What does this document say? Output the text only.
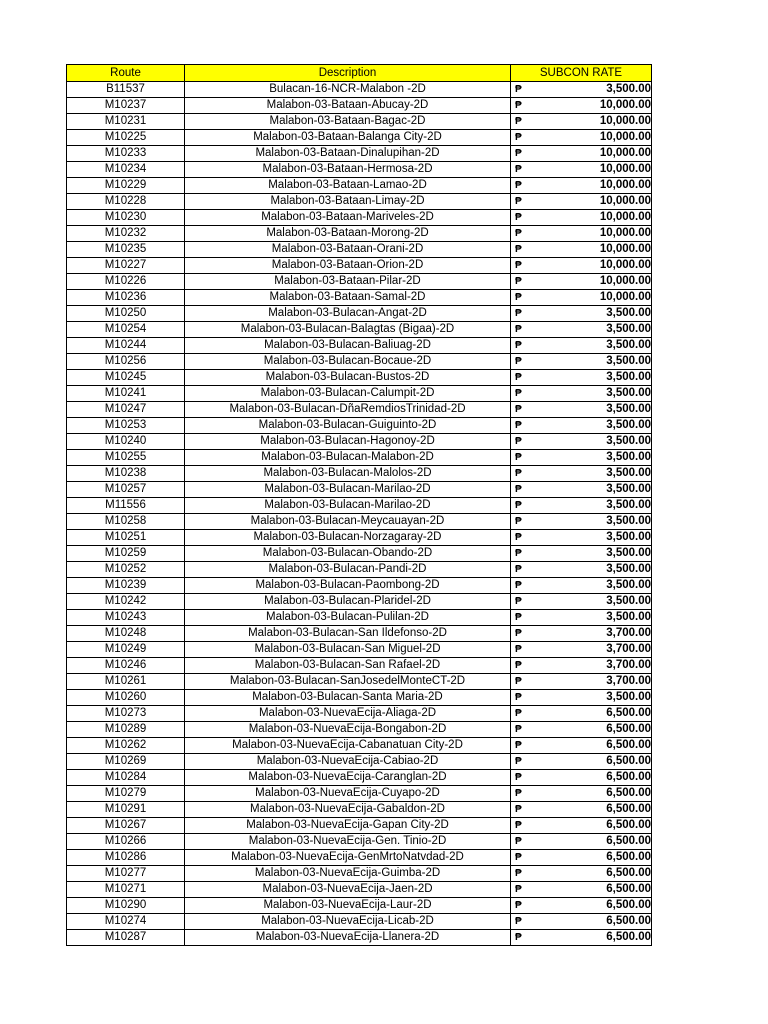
Route	Description	SUBCON RATE
B11537	Bulacan-16-NCR-Malabon -2D	₱ 3,500.00
M10237	Malabon-03-Bataan-Abucay-2D	₱ 10,000.00
M10231	Malabon-03-Bataan-Bagac-2D	₱ 10,000.00
M10225	Malabon-03-Bataan-Balanga City-2D	₱ 10,000.00
M10233	Malabon-03-Bataan-Dinalupihan-2D	₱ 10,000.00
M10234	Malabon-03-Bataan-Hermosa-2D	₱ 10,000.00
M10229	Malabon-03-Bataan-Lamao-2D	₱ 10,000.00
M10228	Malabon-03-Bataan-Limay-2D	₱ 10,000.00
M10230	Malabon-03-Bataan-Mariveles-2D	₱ 10,000.00
M10232	Malabon-03-Bataan-Morong-2D	₱ 10,000.00
M10235	Malabon-03-Bataan-Orani-2D	₱ 10,000.00
M10227	Malabon-03-Bataan-Orion-2D	₱ 10,000.00
M10226	Malabon-03-Bataan-Pilar-2D	₱ 10,000.00
M10236	Malabon-03-Bataan-Samal-2D	₱ 10,000.00
M10250	Malabon-03-Bulacan-Angat-2D	₱ 3,500.00
M10254	Malabon-03-Bulacan-Balagtas (Bigaa)-2D	₱ 3,500.00
M10244	Malabon-03-Bulacan-Baliuag-2D	₱ 3,500.00
M10256	Malabon-03-Bulacan-Bocaue-2D	₱ 3,500.00
M10245	Malabon-03-Bulacan-Bustos-2D	₱ 3,500.00
M10241	Malabon-03-Bulacan-Calumpit-2D	₱ 3,500.00
M10247	Malabon-03-Bulacan-DñaRemdiosTrinidad-2D	₱ 3,500.00
M10253	Malabon-03-Bulacan-Guiguinto-2D	₱ 3,500.00
M10240	Malabon-03-Bulacan-Hagonoy-2D	₱ 3,500.00
M10255	Malabon-03-Bulacan-Malabon-2D	₱ 3,500.00
M10238	Malabon-03-Bulacan-Malolos-2D	₱ 3,500.00
M10257	Malabon-03-Bulacan-Marilao-2D	₱ 3,500.00
M11556	Malabon-03-Bulacan-Marilao-2D	₱ 3,500.00
M10258	Malabon-03-Bulacan-Meycauayan-2D	₱ 3,500.00
M10251	Malabon-03-Bulacan-Norzagaray-2D	₱ 3,500.00
M10259	Malabon-03-Bulacan-Obando-2D	₱ 3,500.00
M10252	Malabon-03-Bulacan-Pandi-2D	₱ 3,500.00
M10239	Malabon-03-Bulacan-Paombong-2D	₱ 3,500.00
M10242	Malabon-03-Bulacan-Plaridel-2D	₱ 3,500.00
M10243	Malabon-03-Bulacan-Pulilan-2D	₱ 3,500.00
M10248	Malabon-03-Bulacan-San Ildefonso-2D	₱ 3,700.00
M10249	Malabon-03-Bulacan-San Miguel-2D	₱ 3,700.00
M10246	Malabon-03-Bulacan-San Rafael-2D	₱ 3,700.00
M10261	Malabon-03-Bulacan-SanJosedelMonteCT-2D	₱ 3,700.00
M10260	Malabon-03-Bulacan-Santa Maria-2D	₱ 3,500.00
M10273	Malabon-03-NuevaEcija-Aliaga-2D	₱ 6,500.00
M10289	Malabon-03-NuevaEcija-Bongabon-2D	₱ 6,500.00
M10262	Malabon-03-NuevaEcija-Cabanatuan City-2D	₱ 6,500.00
M10269	Malabon-03-NuevaEcija-Cabiao-2D	₱ 6,500.00
M10284	Malabon-03-NuevaEcija-Caranglan-2D	₱ 6,500.00
M10279	Malabon-03-NuevaEcija-Cuyapo-2D	₱ 6,500.00
M10291	Malabon-03-NuevaEcija-Gabaldon-2D	₱ 6,500.00
M10267	Malabon-03-NuevaEcija-Gapan City-2D	₱ 6,500.00
M10266	Malabon-03-NuevaEcija-Gen. Tinio-2D	₱ 6,500.00
M10286	Malabon-03-NuevaEcija-GenMrtoNatvdad-2D	₱ 6,500.00
M10277	Malabon-03-NuevaEcija-Guimba-2D	₱ 6,500.00
M10271	Malabon-03-NuevaEcija-Jaen-2D	₱ 6,500.00
M10290	Malabon-03-NuevaEcija-Laur-2D	₱ 6,500.00
M10274	Malabon-03-NuevaEcija-Licab-2D	₱ 6,500.00
M10287	Malabon-03-NuevaEcija-Llanera-2D	₱ 6,500.00
